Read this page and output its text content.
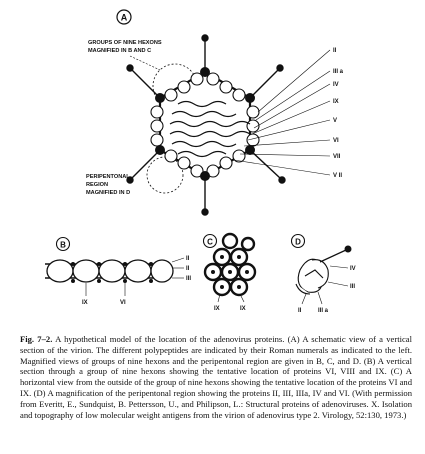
A
GROUPS OF NINE HEXONS
MAGNIFIED IN B AND C	II
III a
IV
IX
V
VI
VII
V II
PERIPENTONAL
REGION
MAGNIFIED IN D
B
II
II
III
IX	VI
C
IX	IX
D
IV
III
II	III a
Fig. 7–2. A hypothetical model of the location of the adenovirus proteins. (A) A schematic view of a vertical section of the virion. The different polypeptides are indicated by their Roman numerals as indicated to the left. Magnified views of groups of nine hexons and the peripentonal region are given in B, C, and D. (B) A vertical section through a group of nine hexons showing the tentative location of proteins VI, VIII and IX. (C) A horizontal view from the outside of the group of nine hexons showing the tentative location of the proteins VI and IX. (D) A magnification of the peripentonal region showing the proteins II, III, IIIa, IV and VI. (With permission from Everitt, E., Sundquist, B. Pettersson, U., and Philipson, L.: Structural proteins of adenoviruses. X. Isolation and topography of low molecular weight antigens from the virion of adenovirus type 2. Virology, 52:130, 1973.)
